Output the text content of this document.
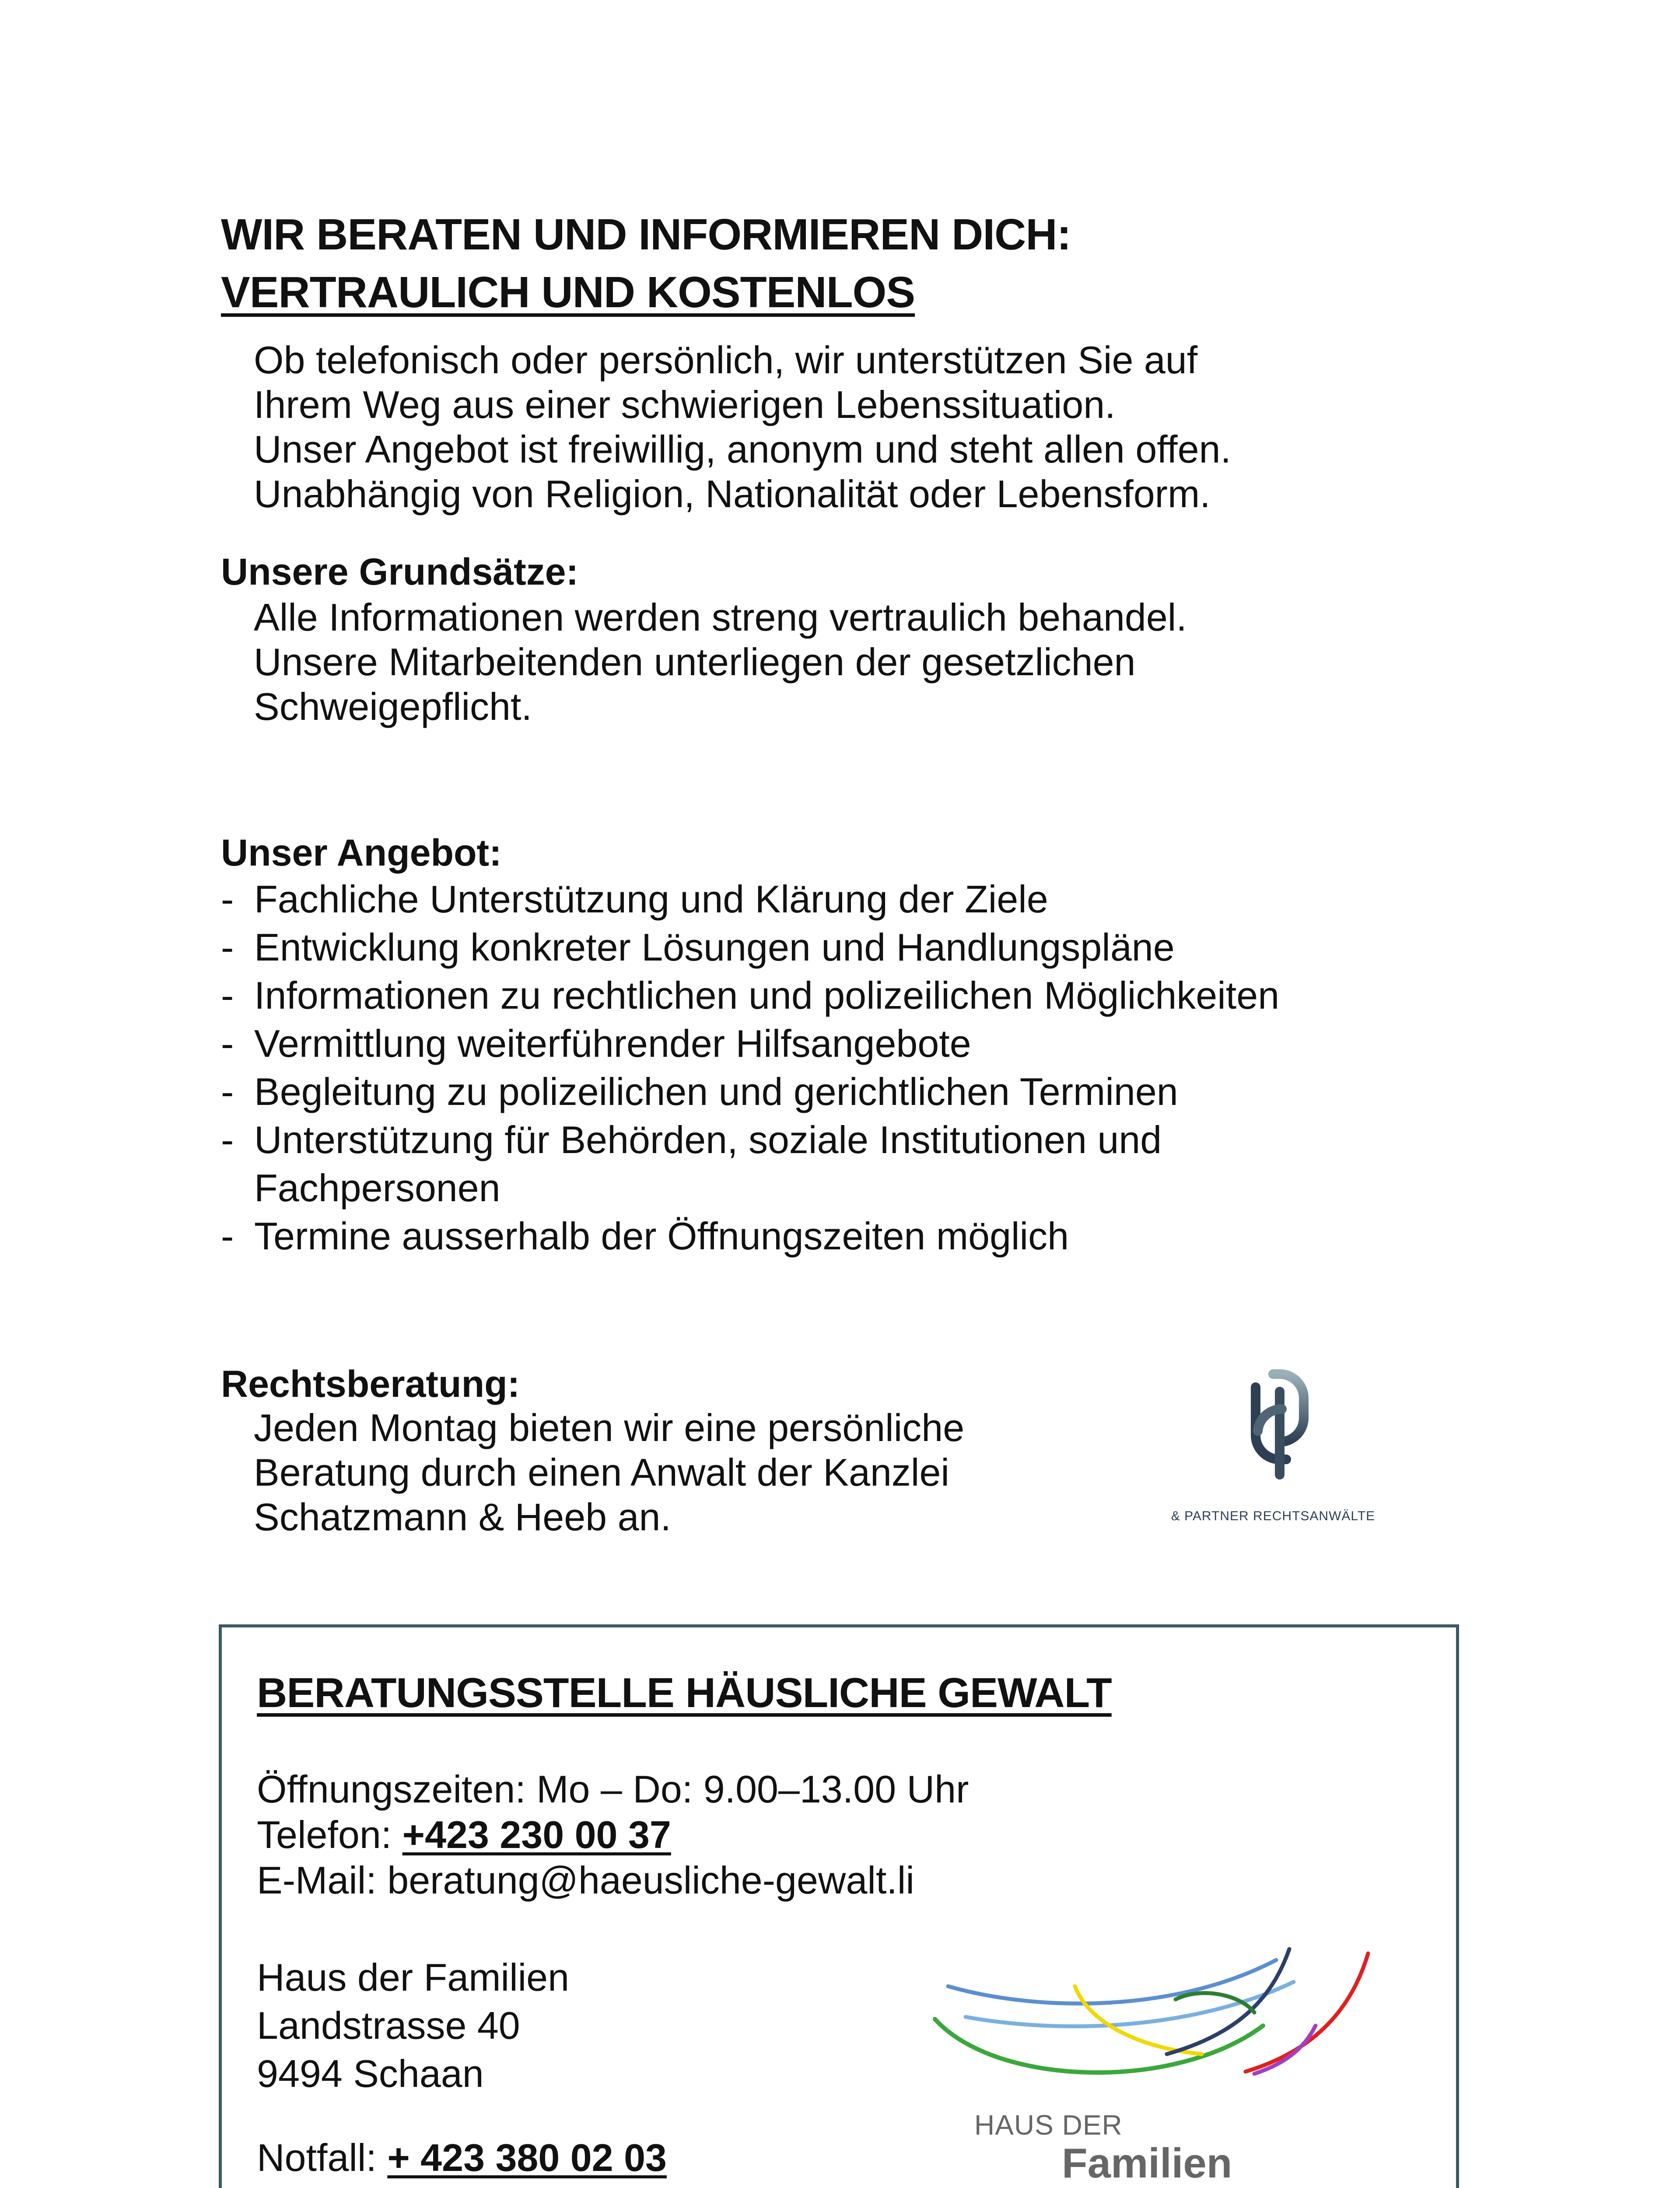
WIR BERATEN UND INFORMIEREN DICH:
VERTRAULICH UND KOSTENLOS
Ob telefonisch oder persönlich, wir unterstützen Sie auf
Ihrem Weg aus einer schwierigen Lebenssituation.
Unser Angebot ist freiwillig, anonym und steht allen offen.
Unabhängig von Religion, Nationalität oder Lebensform.
Unsere Grundsätze:
Alle Informationen werden streng vertraulich behandel.
Unsere Mitarbeitenden unterliegen der gesetzlichen
Schweigepflicht.
Unser Angebot:
- Fachliche Unterstützung und Klärung der Ziele
- Entwicklung konkreter Lösungen und Handlungspläne
- Informationen zu rechtlichen und polizeilichen Möglichkeiten
- Vermittlung weiterführender Hilfsangebote
- Begleitung zu polizeilichen und gerichtlichen Terminen
- Unterstützung für Behörden, soziale Institutionen und Fachpersonen
- Termine ausserhalb der Öffnungszeiten möglich
Rechtsberatung:
Jeden Montag bieten wir eine persönliche
Beratung durch einen Anwalt der Kanzlei
Schatzmann & Heeb an.	& PARTNER RECHTSANWÄLTE
BERATUNGSSTELLE HÄUSLICHE GEWALT
Öffnungszeiten: Mo – Do: 9.00–13.00 Uhr
Telefon: +423 230 00 37
E-Mail: beratung@haeusliche-gewalt.li
Haus der Familien
Landstrasse 40
9494 Schaan
Notfall: + 423 380 02 03
HAUS DER
Familien
